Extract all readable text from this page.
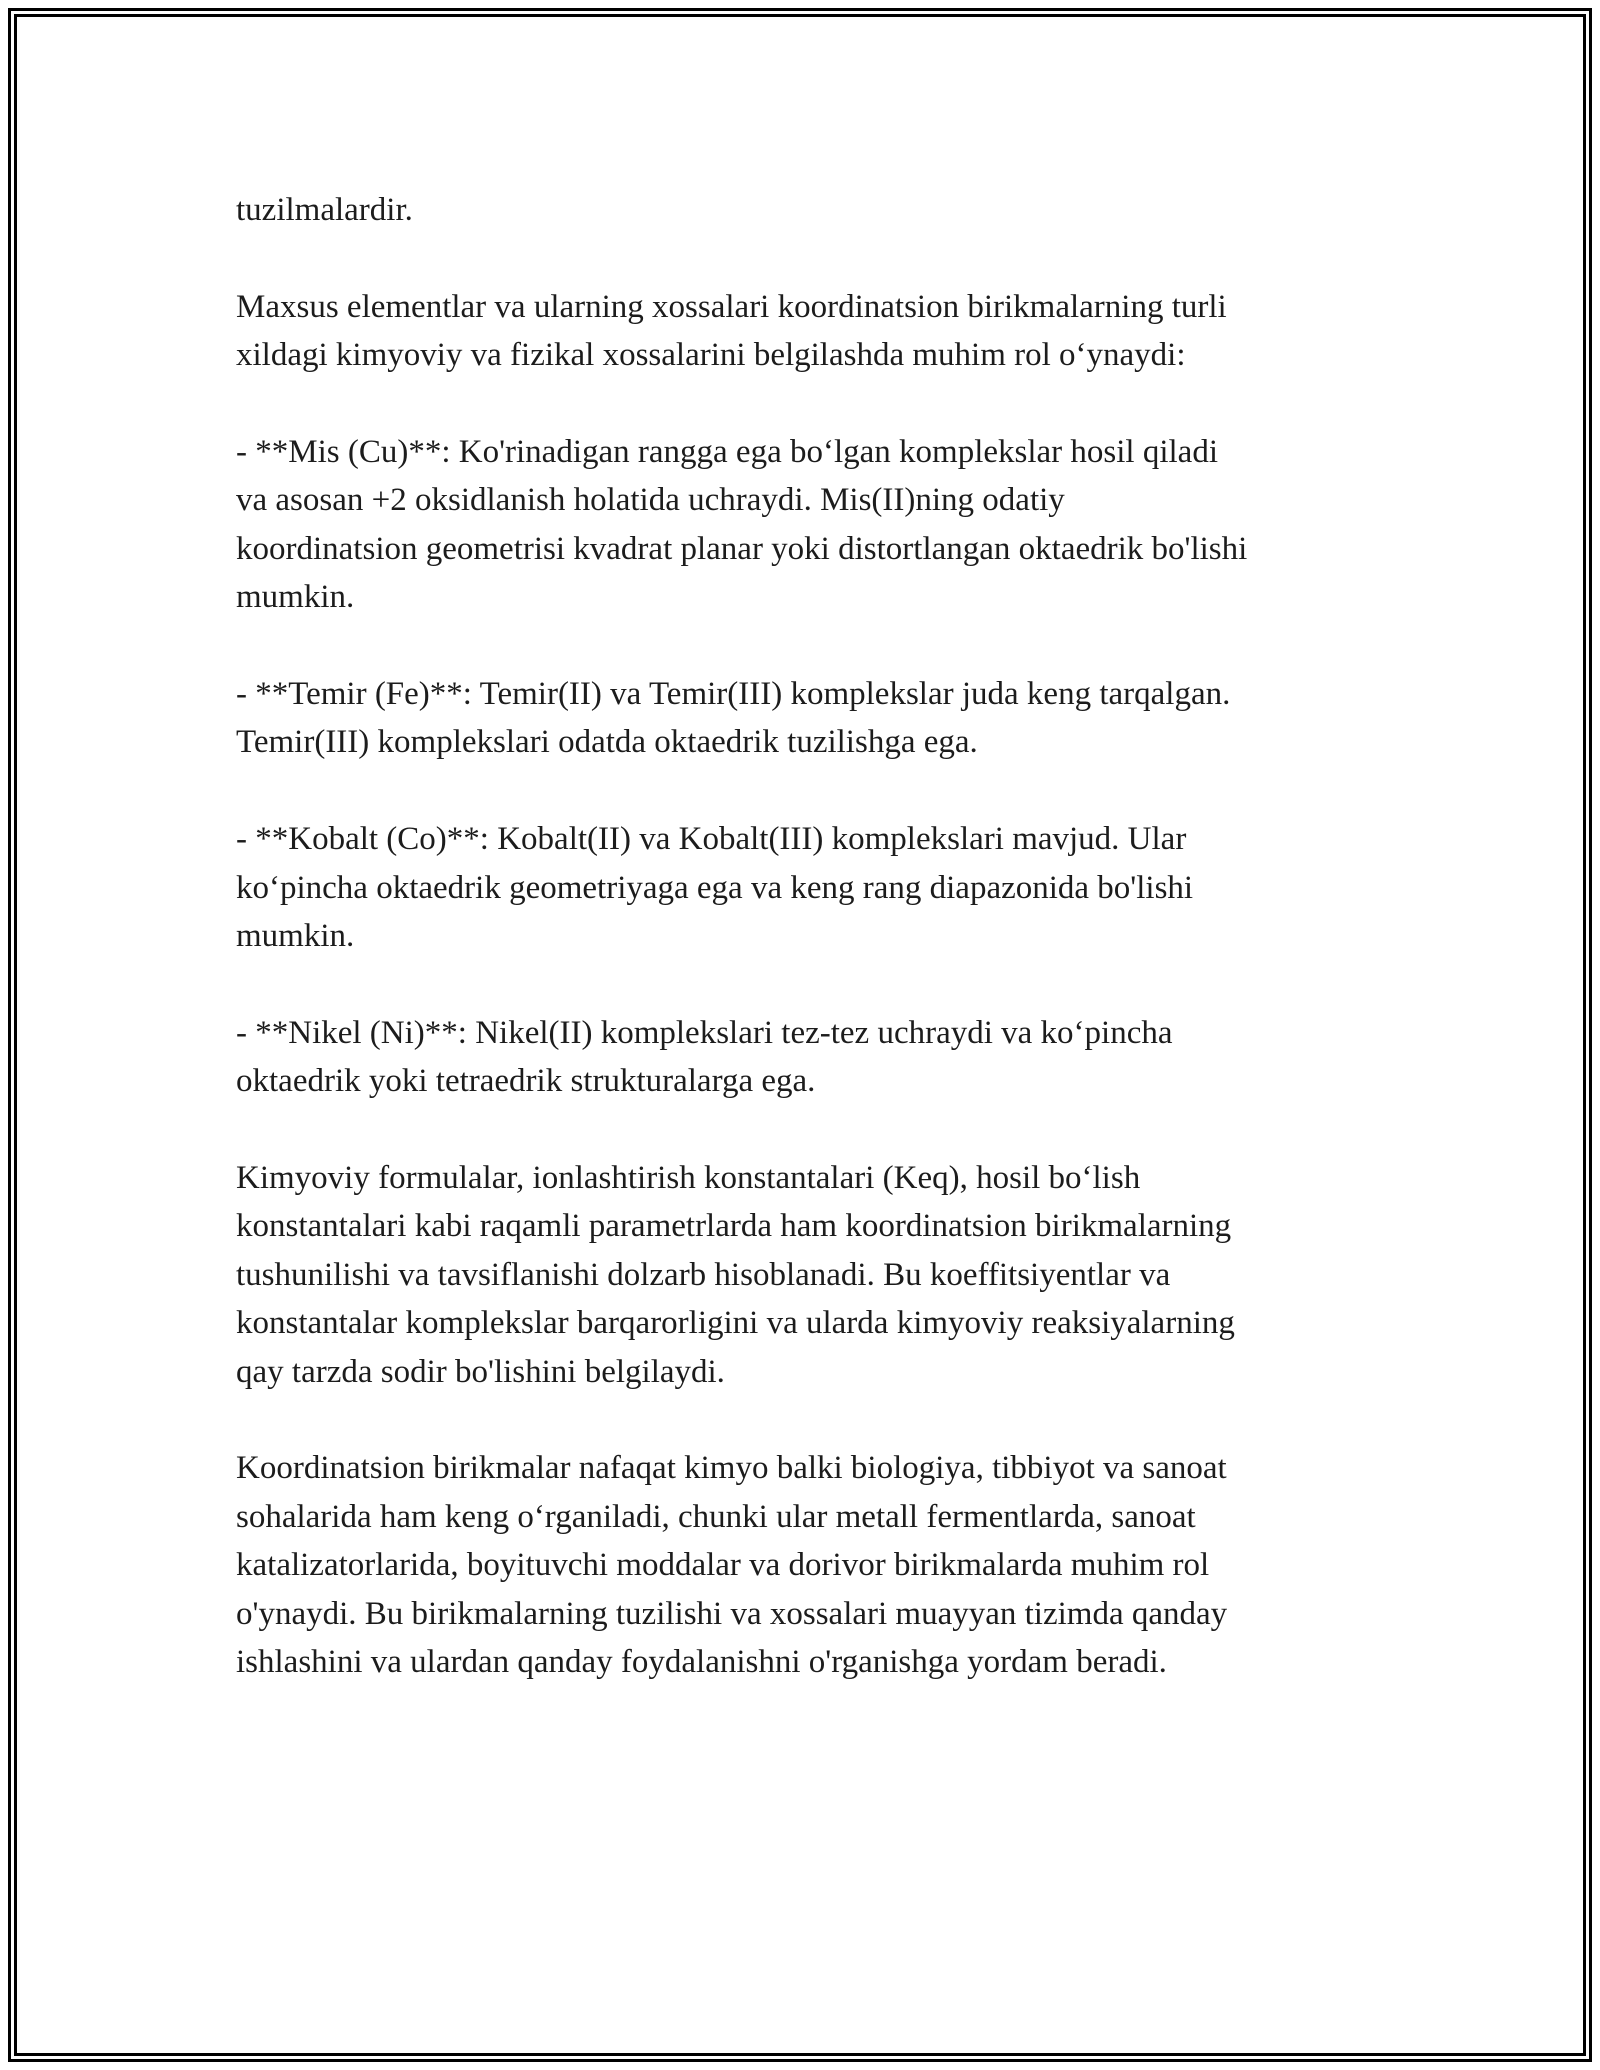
tuzilmalardir.

Maxsus elementlar va ularning xossalari koordinatsion birikmalarning turli
xildagi kimyoviy va fizikal xossalarini belgilashda muhim rol o‘ynaydi:

- **Mis (Cu)**: Ko'rinadigan rangga ega bo‘lgan komplekslar hosil qiladi
va asosan +2 oksidlanish holatida uchraydi. Mis(II)ning odatiy
koordinatsion geometrisi kvadrat planar yoki distortlangan oktaedrik bo'lishi
mumkin.

- **Temir (Fe)**: Temir(II) va Temir(III) komplekslar juda keng tarqalgan.
Temir(III) komplekslari odatda oktaedrik tuzilishga ega.

- **Kobalt (Co)**: Kobalt(II) va Kobalt(III) komplekslari mavjud. Ular
ko‘pincha oktaedrik geometriyaga ega va keng rang diapazonida bo'lishi
mumkin.

- **Nikel (Ni)**: Nikel(II) komplekslari tez-tez uchraydi va ko‘pincha
oktaedrik yoki tetraedrik strukturalarga ega.

Kimyoviy formulalar, ionlashtirish konstantalari (Keq), hosil bo‘lish
konstantalari kabi raqamli parametrlarda ham koordinatsion birikmalarning
tushunilishi va tavsiflanishi dolzarb hisoblanadi. Bu koeffitsiyentlar va
konstantalar komplekslar barqarorligini va ularda kimyoviy reaksiyalarning
qay tarzda sodir bo'lishini belgilaydi.

Koordinatsion birikmalar nafaqat kimyo balki biologiya, tibbiyot va sanoat
sohalarida ham keng o‘rganiladi, chunki ular metall fermentlarda, sanoat
katalizatorlarida, boyituvchi moddalar va dorivor birikmalarda muhim rol
o'ynaydi. Bu birikmalarning tuzilishi va xossalari muayyan tizimda qanday
ishlashini va ulardan qanday foydalanishni o'rganishga yordam beradi.
